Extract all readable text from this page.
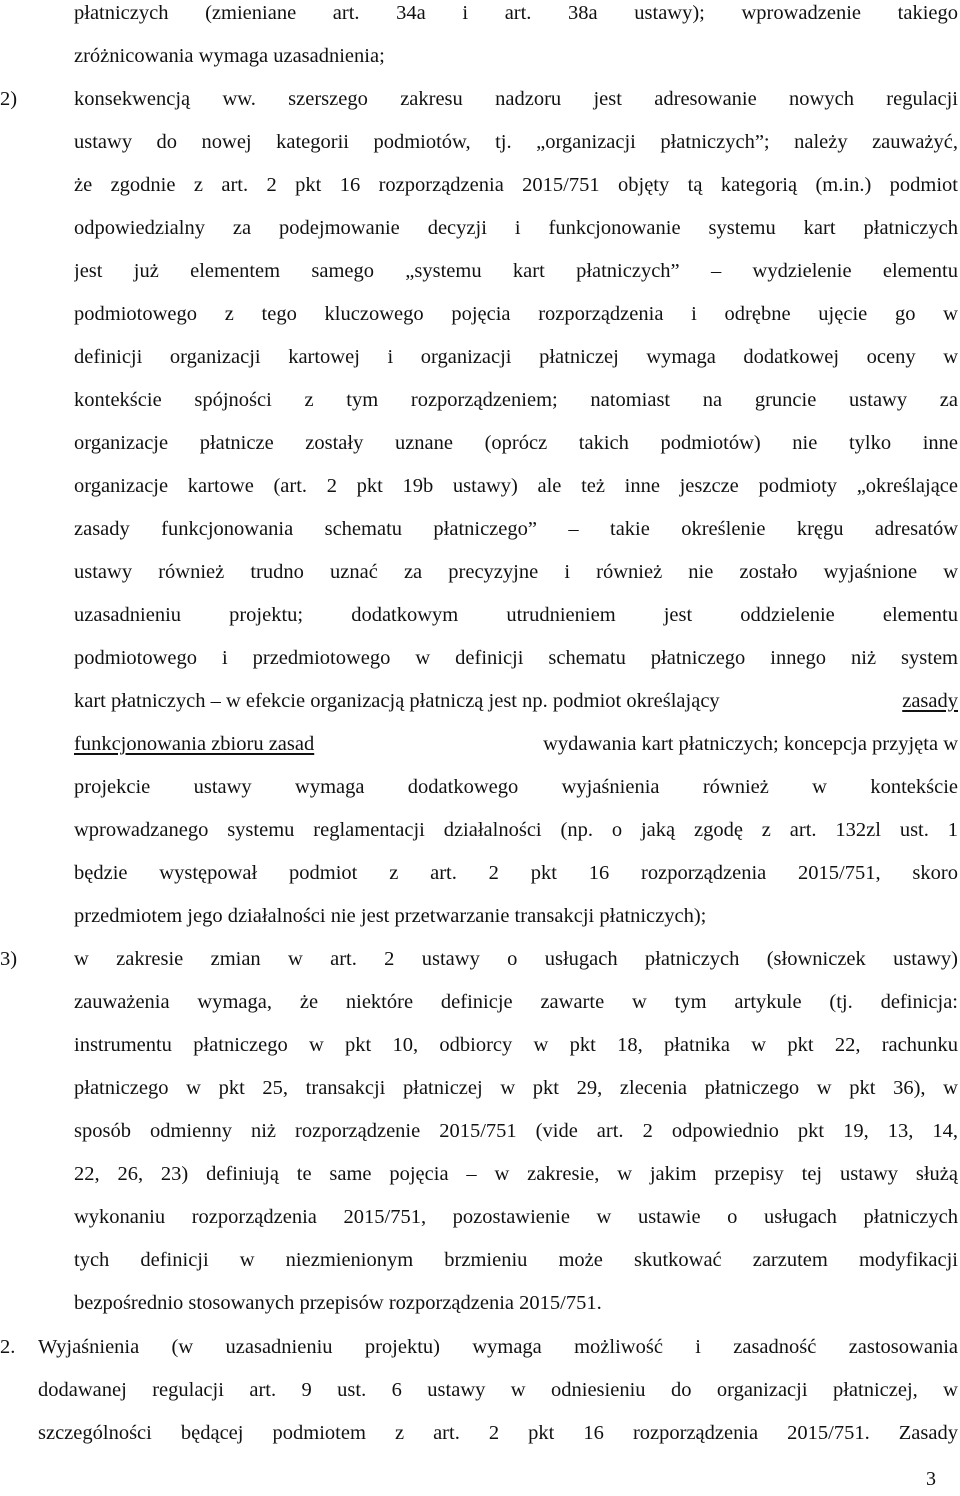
płatniczych (zmieniane art. 34a i art. 38a ustawy); wprowadzenie takiego
zróżnicowania wymaga uzasadnienia;
2)	konsekwencją ww. szerszego zakresu nadzoru jest adresowanie nowych regulacji
ustawy do nowej kategorii podmiotów, tj. „organizacji płatniczych”; należy zauważyć,
że zgodnie z art. 2 pkt 16 rozporządzenia 2015/751 objęty tą kategorią (m.in.) podmiot
odpowiedzialny za podejmowanie decyzji i funkcjonowanie systemu kart płatniczych
jest już elementem samego „systemu kart płatniczych” – wydzielenie elementu
podmiotowego z tego kluczowego pojęcia rozporządzenia i odrębne ujęcie go w
definicji organizacji kartowej i organizacji płatniczej wymaga dodatkowej oceny w
kontekście spójności z tym rozporządzeniem; natomiast na gruncie ustawy za
organizacje płatnicze zostały uznane (oprócz takich podmiotów) nie tylko inne
organizacje kartowe (art. 2 pkt 19b ustawy) ale też inne jeszcze podmioty „określające
zasady funkcjonowania schematu płatniczego” – takie określenie kręgu adresatów
ustawy również trudno uznać za precyzyjne i również nie zostało wyjaśnione w
uzasadnieniu projektu; dodatkowym utrudnieniem jest oddzielenie elementu
podmiotowego i przedmiotowego w definicji schematu płatniczego innego niż system
kart płatniczych – w efekcie organizacją płatniczą jest np. podmiot określający	zasady
funkcjonowania zbioru zasad	wydawania kart płatniczych; koncepcja przyjęta w
projekcie ustawy wymaga dodatkowego wyjaśnienia również w kontekście
wprowadzanego systemu reglamentacji działalności (np. o jaką zgodę z art. 132zl ust. 1
będzie występował podmiot z art. 2 pkt 16 rozporządzenia 2015/751, skoro
przedmiotem jego działalności nie jest przetwarzanie transakcji płatniczych);
3)	w zakresie zmian w art. 2 ustawy o usługach płatniczych (słowniczek ustawy)
zauważenia wymaga, że niektóre definicje zawarte w tym artykule (tj. definicja:
instrumentu płatniczego w pkt 10, odbiorcy w pkt 18, płatnika w pkt 22, rachunku
płatniczego w pkt 25, transakcji płatniczej w pkt 29, zlecenia płatniczego w pkt 36), w
sposób odmienny niż rozporządzenie 2015/751 (vide art. 2 odpowiednio pkt 19, 13, 14,
22, 26, 23) definiują te same pojęcia – w zakresie, w jakim przepisy tej ustawy służą
wykonaniu rozporządzenia 2015/751, pozostawienie w ustawie o usługach płatniczych
tych definicji w niezmienionym brzmieniu może skutkować zarzutem modyfikacji
bezpośrednio stosowanych przepisów rozporządzenia 2015/751.
2. Wyjaśnienia (w uzasadnieniu projektu) wymaga możliwość i zasadność zastosowania
dodawanej regulacji art. 9 ust. 6 ustawy w odniesieniu do organizacji płatniczej, w
szczególności będącej podmiotem z art. 2 pkt 16 rozporządzenia 2015/751. Zasady
3
